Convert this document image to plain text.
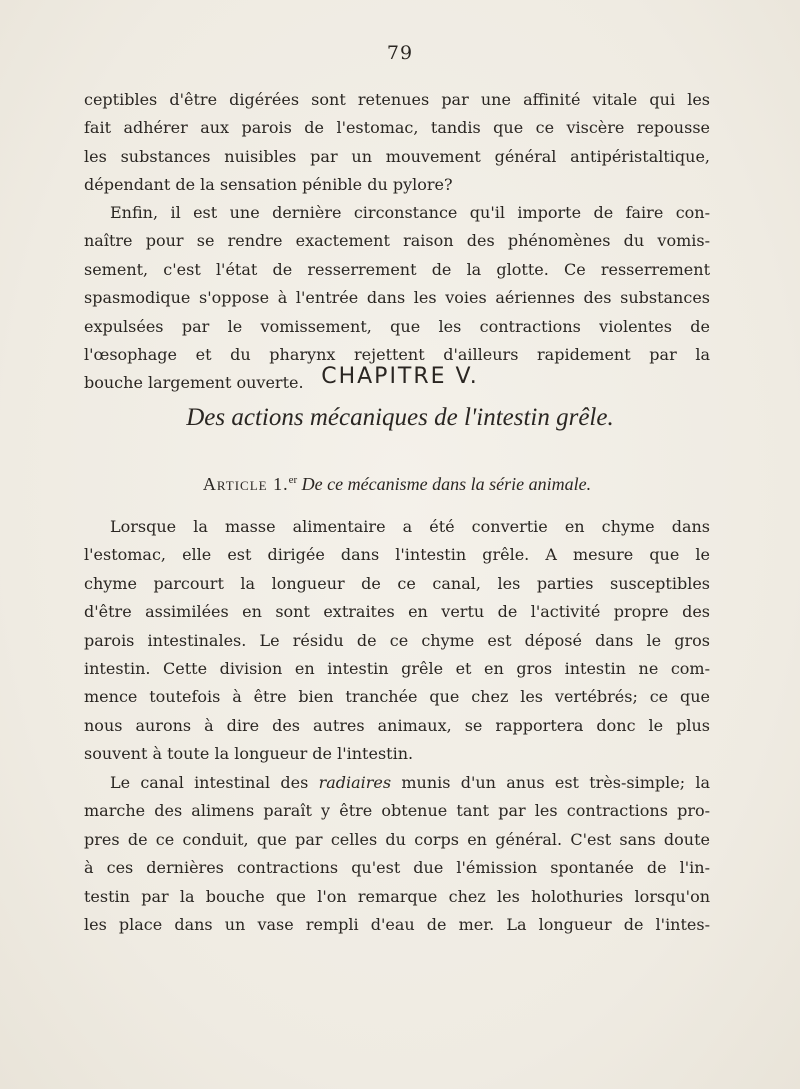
79
ceptibles d'être digérées sont retenues par une affinité vitale qui les
fait adhérer aux parois de l'estomac, tandis que ce viscère repousse
les substances nuisibles par un mouvement général antipéristaltique,
dépendant de la sensation pénible du pylore?
Enfin, il est une dernière circonstance qu'il importe de faire con-
naître pour se rendre exactement raison des phénomènes du vomis-
sement, c'est l'état de resserrement de la glotte. Ce resserrement
spasmodique s'oppose à l'entrée dans les voies aériennes des substances
expulsées par le vomissement, que les contractions violentes de
l'œsophage et du pharynx rejettent d'ailleurs rapidement par la
bouche largement ouverte. CHAPITRE V.
Des actions mécaniques de l'intestin grêle.
Article 1.$^{er}$ De ce mécanisme dans la série animale.
Lorsque la masse alimentaire a été convertie en chyme dans
l'estomac, elle est dirigée dans l'intestin grêle. A mesure que le
chyme parcourt la longueur de ce canal, les parties susceptibles
d'être assimilées en sont extraites en vertu de l'activité propre des
parois intestinales. Le résidu de ce chyme est déposé dans le gros
intestin. Cette division en intestin grêle et en gros intestin ne com-
mence toutefois à être bien tranchée que chez les vertébrés; ce que
nous aurons à dire des autres animaux, se rapportera donc le plus
souvent à toute la longueur de l'intestin.
Le canal intestinal des radiaires munis d'un anus est très-simple; la
marche des alimens paraît y être obtenue tant par les contractions pro-
pres de ce conduit, que par celles du corps en général. C'est sans doute
à ces dernières contractions qu'est due l'émission spontanée de l'in-
testin par la bouche que l'on remarque chez les holothuries lorsqu'on
les place dans un vase rempli d'eau de mer. La longueur de l'intes-
